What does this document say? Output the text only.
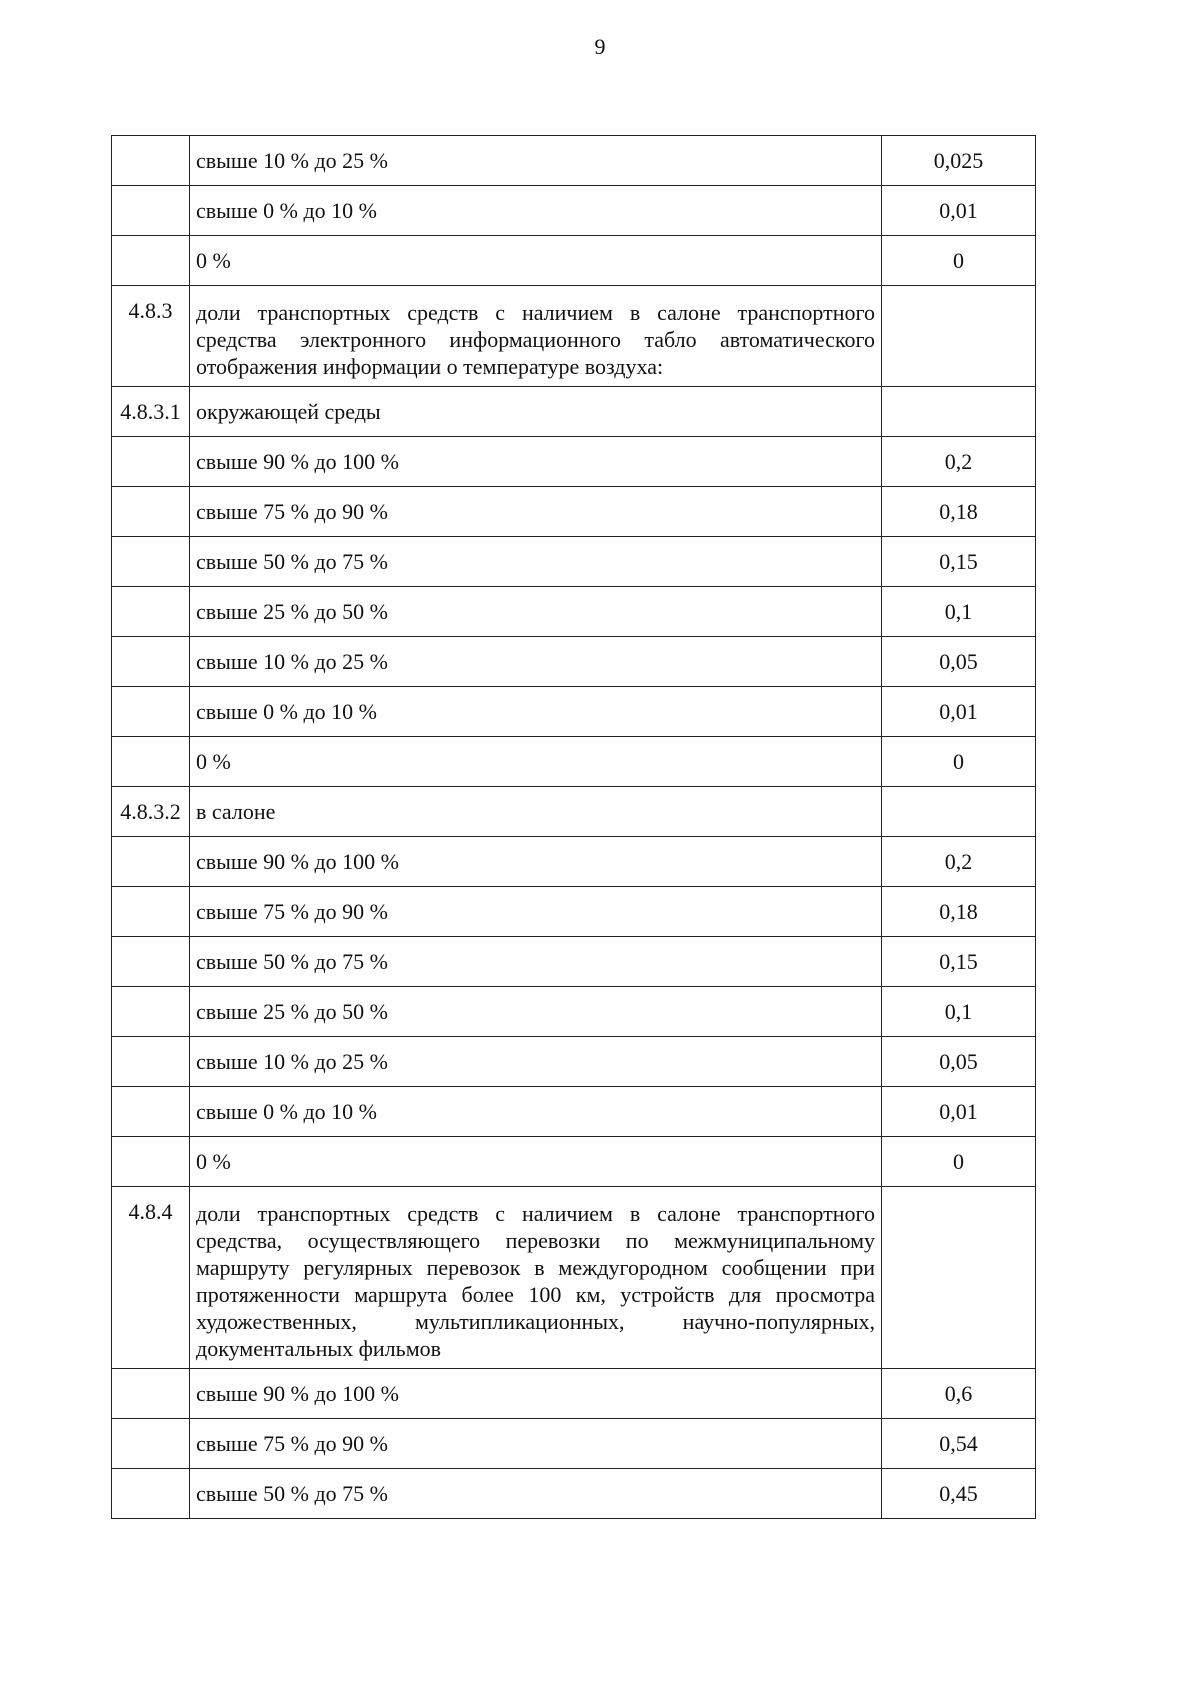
9
	свыше 10 % до 25 %	0,025
	свыше 0 % до 10 %	0,01
	0 %	0
4.8.3	доли транспортных средств с наличием в салоне транспортного средства электронного информационного табло автоматического отображения информации о температуре воздуха:	
4.8.3.1	окружающей среды	
	свыше 90 % до 100 %	0,2
	свыше 75 % до 90 %	0,18
	свыше 50 % до 75 %	0,15
	свыше 25 % до 50 %	0,1
	свыше 10 % до 25 %	0,05
	свыше 0 % до 10 %	0,01
	0 %	0
4.8.3.2	в салоне	
	свыше 90 % до 100 %	0,2
	свыше 75 % до 90 %	0,18
	свыше 50 % до 75 %	0,15
	свыше 25 % до 50 %	0,1
	свыше 10 % до 25 %	0,05
	свыше 0 % до 10 %	0,01
	0 %	0
4.8.4	доли транспортных средств с наличием в салоне транспортного средства, осуществляющего перевозки по межмуниципальному маршруту регулярных перевозок в междугородном сообщении при протяженности маршрута более 100 км, устройств для просмотра художественных, мультипликационных, научно-популярных, документальных фильмов	
	свыше 90 % до 100 %	0,6
	свыше 75 % до 90 %	0,54
	свыше 50 % до 75 %	0,45
